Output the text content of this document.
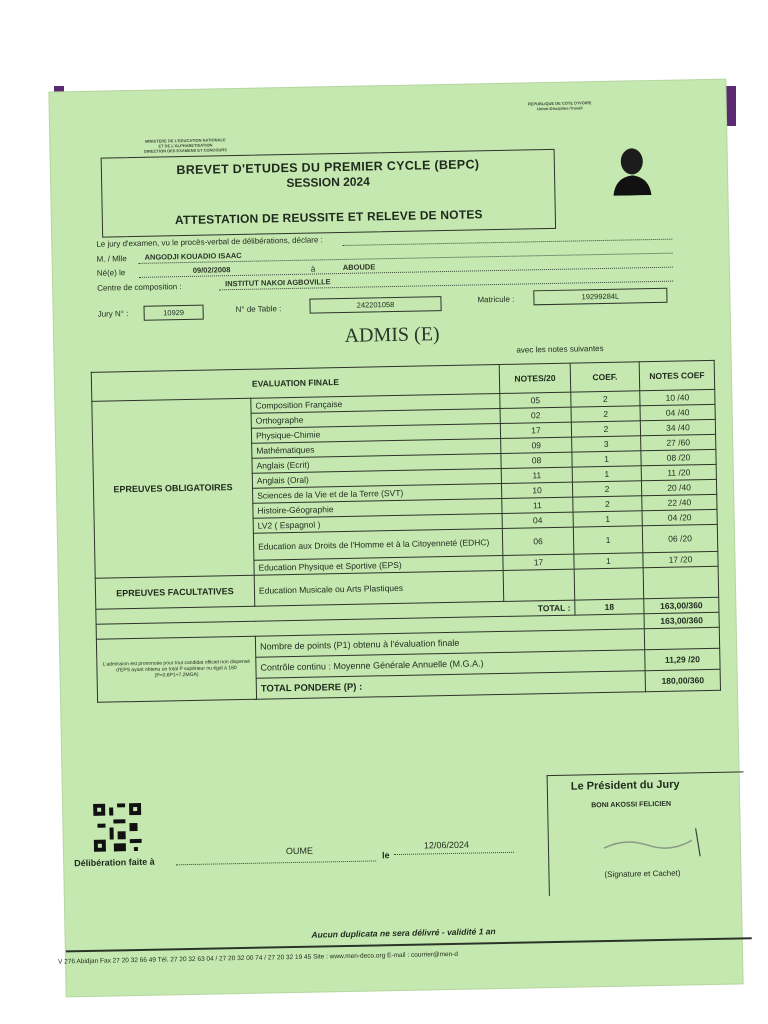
MINISTERE DE L'EDUCATION NATIONALE
ET DE L'ALPHABETISATION
DIRECTION DES EXAMENS ET CONCOURS
REPUBLIQUE DE COTE D'IVOIRE
Union-Discipline-Travail
BREVET D'ETUDES DU PREMIER CYCLE (BEPC)
SESSION 2024
ATTESTATION DE REUSSITE ET RELEVE DE NOTES
Le jury d'examen, vu le procès-verbal de délibérations, déclare :
M. / Mlle ANGODJI KOUADIO ISAAC
Né(e) le	09/02/2008	à	ABOUDE
Centre de composition :	INSTITUT NAKOI AGBOVILLE
Jury N° :	10929	N° de Table :	242201058
Matricule :	19299284L
ADMIS (E)
avec les notes suivantes
EVALUATION FINALE		NOTES/20	COEF.	NOTES COEF
EPREUVES OBLIGATOIRES	Composition Française	05	2	10 /40
	Orthographe	02	2	04 /40
	Physique-Chimie	17	2	34 /40
	Mathématiques	09	3	27 /60
	Anglais (Ecrit)	08	1	08 /20
	Anglais (Oral)	11	1	11 /20
	Sciences de la Vie et de la Terre (SVT)	10	2	20 /40
	Histoire-Géographie	11	2	22 /40
	LV2 ( Espagnol )	04	1	04 /20
	Education aux Droits de l'Homme et à la Citoyenneté (EDHC)	06	1	06 /20
	Education Physique et Sportive (EPS)	17	1	17 /20
EPREUVES FACULTATIVES	Education Musicale ou Arts Plastiques			
TOTAL :			18	163,00/360
				163,00/360
L'admission est prononcée pour tout candidat officiel non dispensé d'EPS ayant obtenu un total P supérieur ou égal à 180 (P=0,6P1+7,2MGA)	Nombre de points (P1) obtenu à l'évaluation finale			
	Contrôle continu : Moyenne Générale Annuelle (M.G.A.)			11,29 /20
	TOTAL PONDERE (P) :			180,00/360
Délibération faite à
OUME	le
12/06/2024
Le Président du Jury
BONI AKOSSI FELICIEN
(Signature et Cachet)
Aucun duplicata ne sera délivré - validité 1 an
V 276 Abidjan Fax 27 20 32 66 49 Tél. 27 20 32 63 04 / 27 20 32 00 74 / 27 20 32 19 45 Site : www.men-deco.org E-mail : courrier@men-d
